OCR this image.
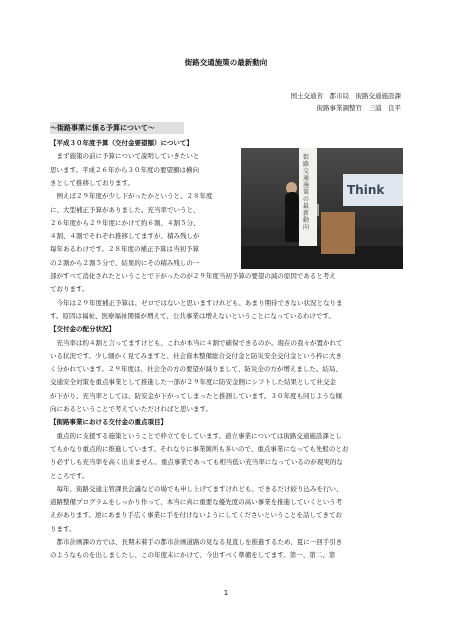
街路交通施策の最新動向
国土交通省　都市局　街路交通施設課
街路事業調整官　三浦　良平
～街路事業に係る予算について～
Think
街路交通施策の最新動向
【平成３０年度予算（交付金要望額）について】
　まず施策の前に予算について説明していきたいと
思います。平成２６年から３０年度の要望額は横向
きとして推移しております。
　例えば２９年度が少し下がったかというと、２８年度
に、大型補正予算がありました。充当率でいうと、
２６年度から２９年度にかけて約６割、４割５分、
４割、４割でそれぞれ推移してますが、積み残しが
毎年あるわけです。２８年度の補正予算は当初予算
の２割から２割５分で、結果的にその積み残しの一
部がすべて消化されたということで下がったのが２９年度当初予算の要望の減の原因であると考え
ております。
　今年は２９年度補正予算は、ゼロではないと思いますけれども、あまり期待できない状況となりま
す。原因は福祉、医療福祉関係が増えて、公共事業は増えないということになっているわけです。
【交付金の配分状況】
　充当率は約４割と言ってますけども、これが本当に４割で確保できるのか。現在の我々が置かれて
いる状況です。少し細かく見てみますと、社会資本整備総合交付金と防災安全交付金という枠に大き
く分かれています。２９年度は、社会全の方の要望が減りまして、防災全の方が増えました。結局、
交通安全対策を重点事業として推進した一部が２９年度に防安金側にシフトした結果として社交金
が下がり、充当率としては、防安金が下がってしまったと推測しています。３０年度も同じような傾
向にあるということで考えていただければと思います。
【街路事業における交付金の重点項目】
　重点的に支援する施策ということで枠立てをしています。道立事業については街路交通施設課とし
てもかなり重点的に推進しています。それなりに事業箇所も多いので、重点事業になっても先般のとお
り必ずしも充当率を高く出来ません。重点事業であっても相当低い充当率になっているのが現実的な
ところです。
　毎年、街路交通主管課長会議などの場でも申し上げてますけれども、できるだけ絞り込みを行い、
道路整備プログラムをしっかり作って、本当に真に重要な優先度の高い事業を推進していくという考
えがあります。逆にあまり手広く事業に手を付けないようにしてくださいということを話してきてお
ります。
　都市計画課の方では、長期未着手の都市計画道路の見なる見直しを推進するため、夏に一回手引き
のようなものを出しましたし、この年度末にかけて、今出すべく準備をしてます。第一、第二、第
1
